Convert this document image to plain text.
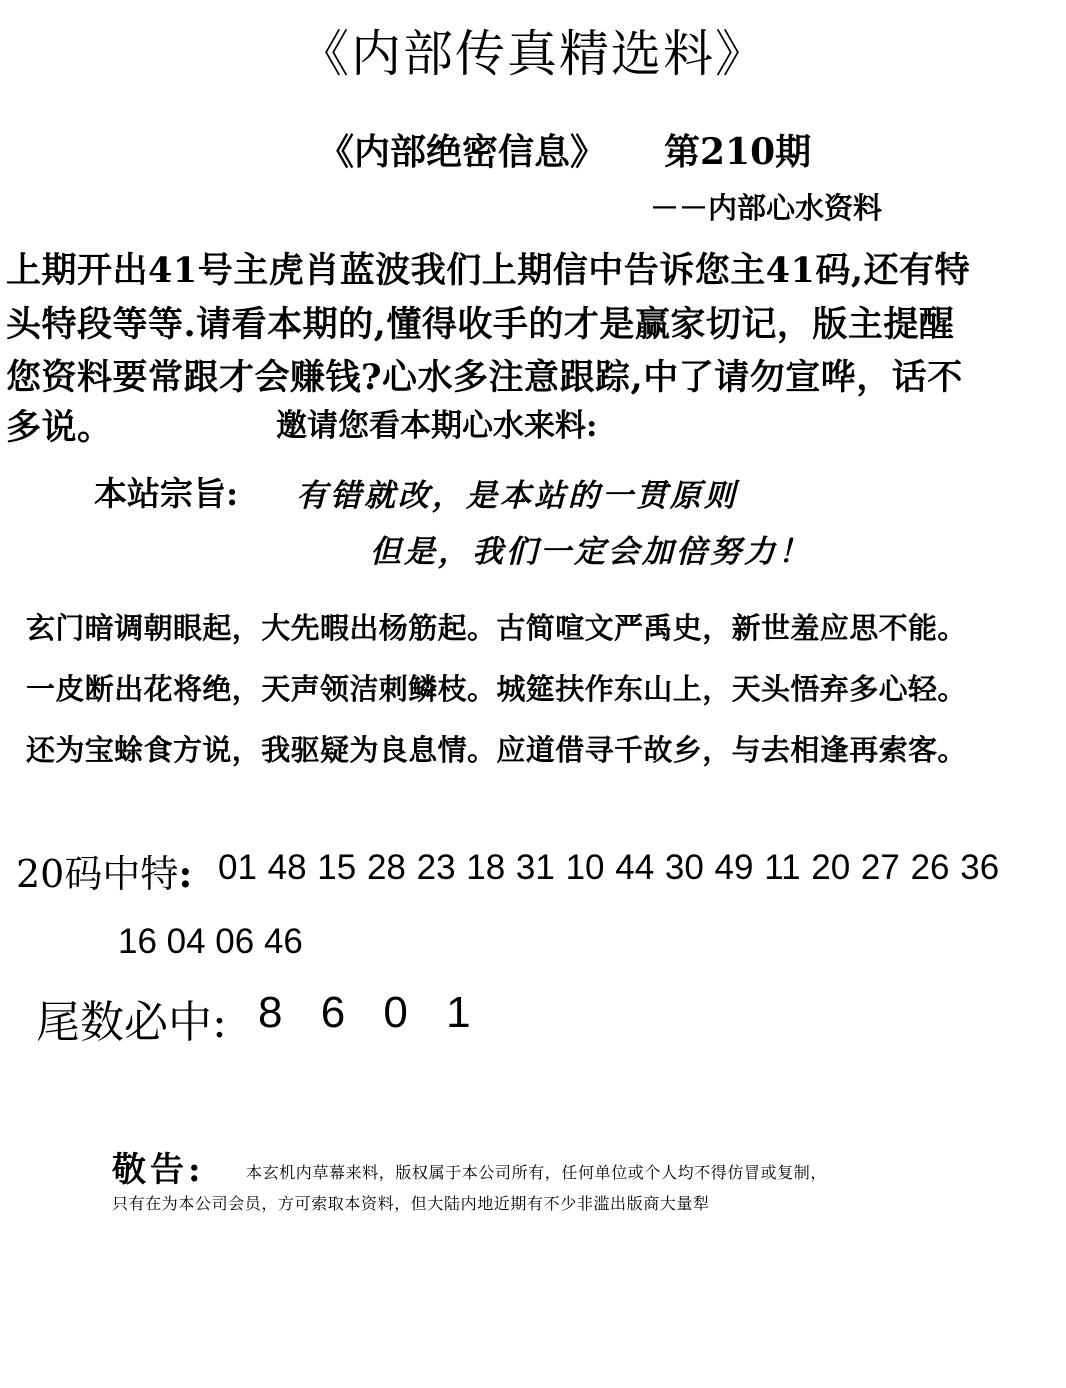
《内部传真精选料》
《内部绝密信息》 第210期
－－内部心水资料
上期开出41号主虎肖蓝波我们上期信中告诉您主41码,还有特
头特段等等.请看本期的,懂得收手的才是赢家切记，版主提醒
您资料要常跟才会赚钱?心水多注意跟踪,中了请勿宣哗，话不
多说。	邀请您看本期心水来料:
本站宗旨: 有错就改，是本站的一贯原则
但是，我们一定会加倍努力！
玄门暗调朝眼起，大先暇出杨筋起。古简喧文严禹史，新世羞应思不能。
一皮断出花将绝，天声领洁刺鳞枝。城筵扶作东山上，天头悟弃多心轻。
还为宝蜍食方说，我驱疑为良息情。应道借寻千故乡，与去相逢再索客。
20码中特: 01 48 15 28 23 18 31 10 44 30 49 11 20 27 26 36
16 04 06 46
尾数必中: 8 6 0 1
敬告:	本玄机内草幕来料，版权属于本公司所有，任何单位或个人均不得仿冒或复制，
只有在为本公司会员，方可索取本资料，但大陆内地近期有不少非滥出版商大量犁
